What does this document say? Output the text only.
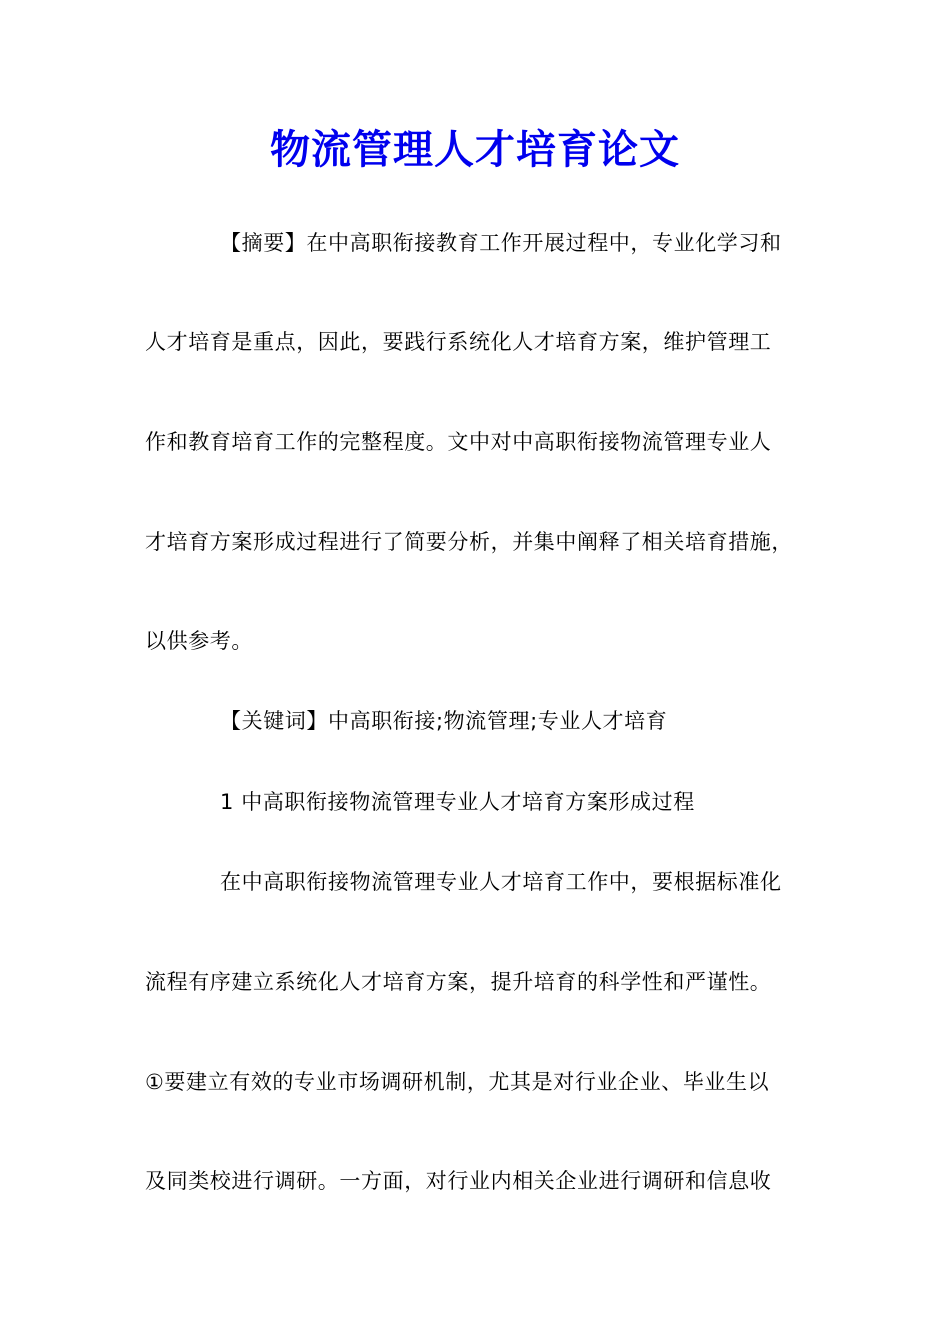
物流管理人才培育论文
【摘要】在中高职衔接教育工作开展过程中，专业化学习和
人才培育是重点，因此，要践行系统化人才培育方案，维护管理工
作和教育培育工作的完整程度。文中对中高职衔接物流管理专业人
才培育方案形成过程进行了简要分析，并集中阐释了相关培育措施，
以供参考。
【关键词】中高职衔接;物流管理;专业人才培育
1 中高职衔接物流管理专业人才培育方案形成过程
在中高职衔接物流管理专业人才培育工作中，要根据标准化
流程有序建立系统化人才培育方案，提升培育的科学性和严谨性。
①要建立有效的专业市场调研机制，尤其是对行业企业、毕业生以
及同类校进行调研。一方面，对行业内相关企业进行调研和信息收
